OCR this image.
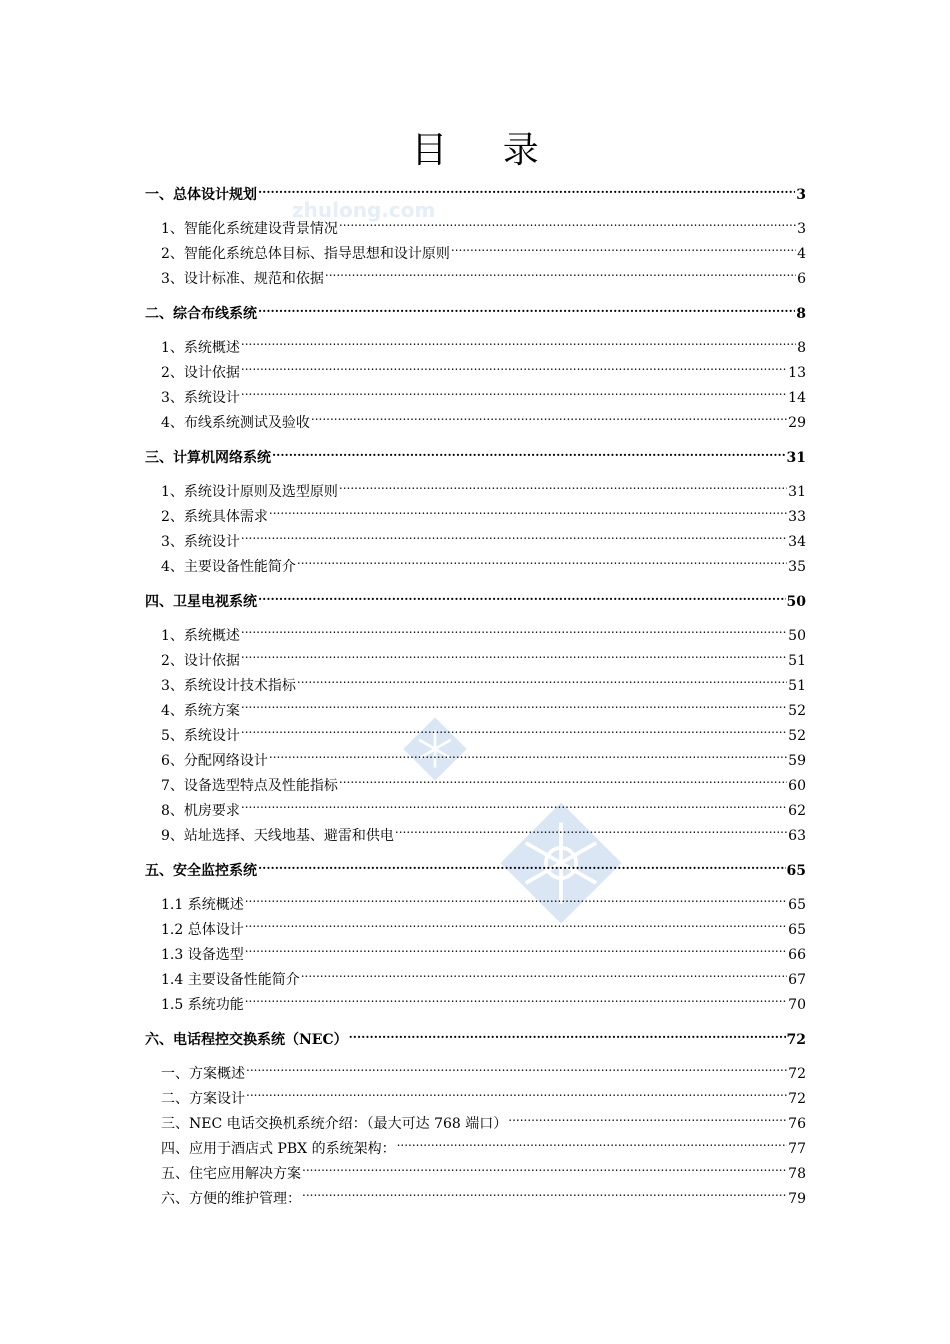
zhulong.com
目 录
一、总体设计规划 .....	3
1、智能化系统建设背景情况 .....	3
2、智能化系统总体目标、指导思想和设计原则 .....	4
3、设计标准、规范和依据 .....	6
二、综合布线系统 .....	8
1、系统概述 .....	8
2、设计依据 .....	13
3、系统设计 .....	14
4、布线系统测试及验收 .....	29
三、计算机网络系统 .....	31
1、系统设计原则及选型原则 .....	31
2、系统具体需求 .....	33
3、系统设计 .....	34
4、主要设备性能简介 .....	35
四、卫星电视系统 .....	50
1、系统概述 .....	50
2、设计依据 .....	51
3、系统设计技术指标 .....	51
4、系统方案 .....	52
5、系统设计 .....	52
6、分配网络设计 .....	59
7、设备选型特点及性能指标 .....	60
8、机房要求 .....	62
9、站址选择、天线地基、避雷和供电 .....	63
五、安全监控系统 .....	65
1.1 系统概述 .....	65
1.2 总体设计 .....	65
1.3 设备选型 .....	66
1.4 主要设备性能简介 .....	67
1.5 系统功能 .....	70
六、电话程控交换系统（NEC） .....	72
一、方案概述 .....	72
二、方案设计 .....	72
三、NEC 电话交换机系统介绍：（最大可达 768 端口） .....	76
四、应用于酒店式 PBX 的系统架构： .....	77
五、住宅应用解决方案 .....	78
六、方便的维护管理： .....	79
